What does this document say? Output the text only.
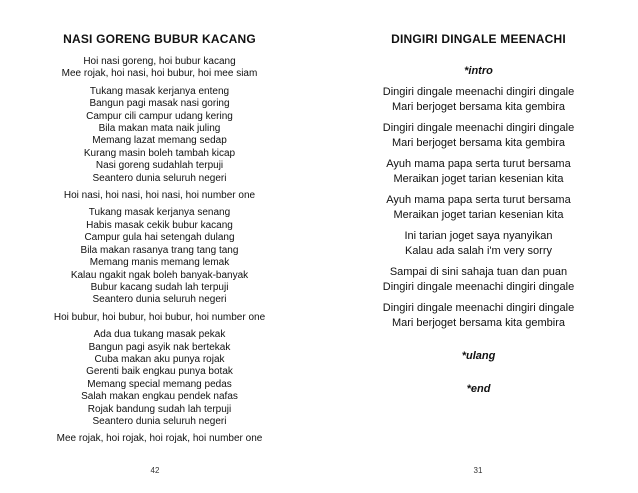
NASI GORENG BUBUR KACANG
Hoi nasi goreng, hoi bubur kacang
Mee rojak, hoi nasi, hoi bubur, hoi mee siam
Tukang masak kerjanya enteng
Bangun pagi masak nasi goring
Campur cili campur udang kering
Bila makan mata naik juling
Memang lazat memang sedap
Kurang masin boleh tambah kicap
Nasi goreng sudahlah terpuji
Seantero dunia seluruh negeri
Hoi nasi, hoi nasi, hoi nasi, hoi number one
Tukang masak kerjanya senang
Habis masak cekik bubur kacang
Campur gula hai setengah dulang
Bila makan rasanya trang tang tang
Memang manis memang lemak
Kalau ngakit ngak boleh banyak-banyak
Bubur kacang sudah lah terpuji
Seantero dunia seluruh negeri
Hoi bubur, hoi bubur, hoi bubur, hoi number one
Ada dua tukang masak pekak
Bangun pagi asyik nak bertekak
Cuba makan aku punya rojak
Gerenti baik engkau punya botak
Memang special memang pedas
Salah makan engkau pendek nafas
Rojak bandung sudah lah terpuji
Seantero dunia seluruh negeri
Mee rojak, hoi rojak, hoi rojak, hoi number one
42
DINGIRI DINGALE MEENACHI
*intro
Dingiri dingale meenachi dingiri dingale
Mari berjoget bersama kita gembira
Dingiri dingale meenachi dingiri dingale
Mari berjoget bersama kita gembira
Ayuh mama papa serta turut bersama
Meraikan joget tarian kesenian kita
Ayuh mama papa serta turut bersama
Meraikan joget tarian kesenian kita
Ini tarian joget saya nyanyikan
Kalau ada salah i'm very sorry
Sampai di sini sahaja tuan dan puan
Dingiri dingale meenachi dingiri dingale
Dingiri dingale meenachi dingiri dingale
Mari berjoget bersama kita gembira
*ulang
*end
31
